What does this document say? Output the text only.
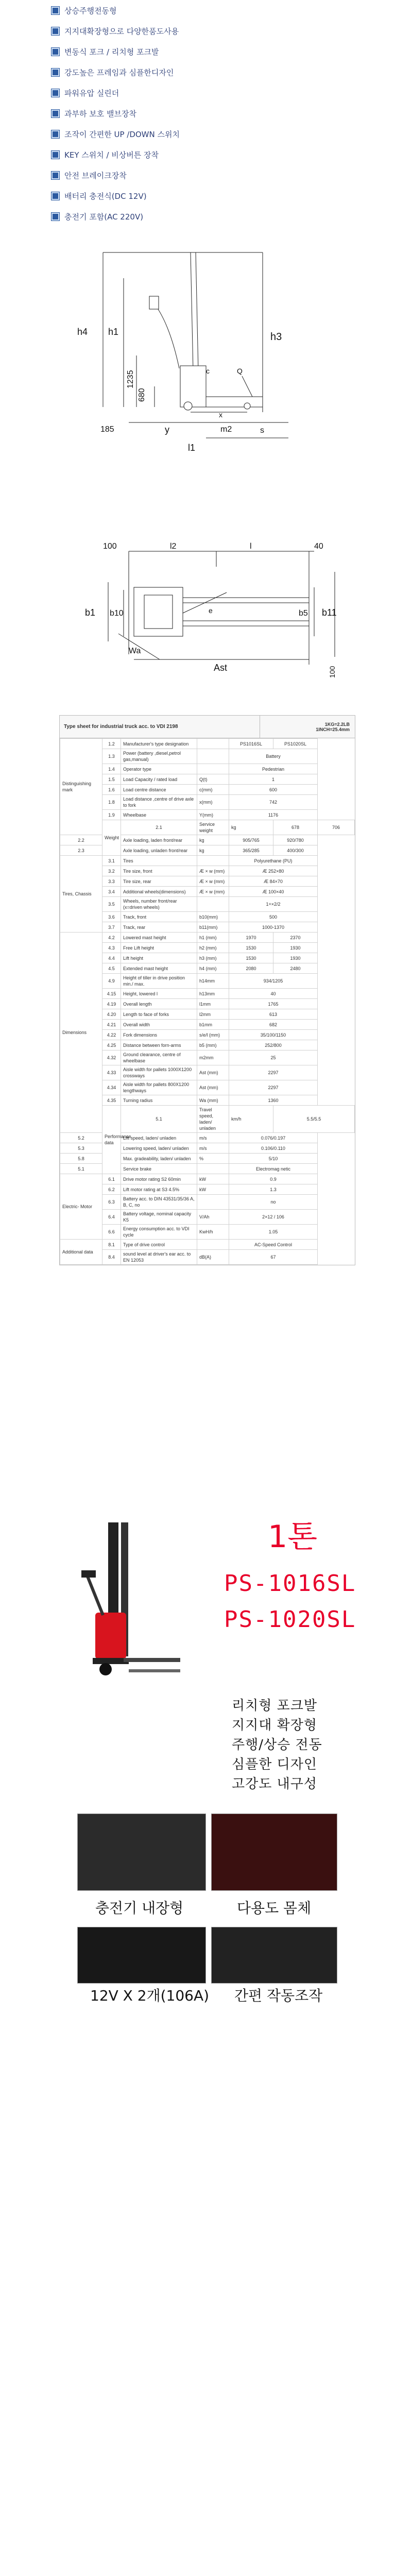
상승주행전동형
지지대확장형으로 다양한품도사용
변동식 포크 / 리치형 포크발
강도높은 프레임과 심플한디자인
파워유압 실린더
과부하 보호 밸브장착
조작이 간편한 UP /DOWN 스위치
KEY 스위치 / 비상버튼 장착
안전 브레이크장착
배터리 충전식(DC 12V)
충전기 포함(AC 220V)
h4 h1	h3
1235
680
c	Q
x
185	y	m2	s
l1
100	l2	l	40
b1 b10	b5 b11
e
Wa
Ast	100
Type sheet for industrial truck acc. to VDI 2198	1KG=2.2LB
1INCH=25.4mm
Distinguishing mark	1.2	Manufacturer's type designation		PS1016SL	PS1020SL	
	1.3	Power (battery ,diesel,petrol gas,manual)		Battery		
	1.4	Operator type		Pedestrian		
	1.5	Load Capacity / rated load	Q(t)	1		
	1.6	Load centre distance	c(mm)	600		
	1.8	Load distance ,centre of drive axle to fork	x(mm)	742		
	1.9	Wheelbase	Y(mm)	1176		
	Weight	2.1	Service weight	kg	678	706
2.2		Axle loading, laden front/rear	kg	905/765	920/780	
2.3		Axle loading, unladen front/rear	kg	365/285	400/300	
Tires, Chassis	3.1	Tires		Polyurethane (PU)		
	3.2	Tire size, front	Æ × w (mm)	Æ 252×80		
	3.3	Tire size, rear	Æ × w (mm)	Æ 84×70		
	3.4	Additional wheels(dimensions)	Æ × w (mm)	Æ 100×40		
	3.5	Wheels, number front/rear (x=driven wheels)		1+×2/2		
	3.6	Track, front	b10(mm)	500		
	3.7	Track, rear	b11(mm)	1000-1370		
Dimensions	4.2	Lowered mast height	h1 (mm)	1970	2370	
	4.3	Free Lift height	h2 (mm)	1530	1930	
	4.4	Lift height	h3 (mm)	1530	1930	
	4.5	Extended mast height	h4 (mm)	2080	2480	
	4.9	Height of tiller in drive position min./ max.	h14mm	934/1205		
	4.15	Height, lowered l	h13mm	40		
	4.19	Overall length	l1mm	1765		
	4.20	Length to face of forks	l2mm	613		
	4.21	Overall width	b1mm	682		
	4.22	Fork dimensions	s/e/l (mm)	35/100/1150		
	4.25	Distance between forn-arms	b5 (mm)	252/800		
	4.32	Ground clearance, centre of wheelbase	m2mm	25		
	4.33	Aisle width for pallets 1000X1200 crossways	Ast (mm)	2297		
	4.34	Aisle width for pallets 800X1200 lengthways	Ast (mm)	2297		
	4.35	Turning radius	Wa (mm)	1360		
	Performance data	5.1	Travel speed, laden/ unladen	km/h	5.5/5.5	
5.2		Lift speed, laden/ unladen	m/s	0.076/0.197		
5.3		Lowering speed, laden/ unladen	m/s	0.106/0.110		
5.8		Max. gradeability, laden/ unladen	%	5/10		
5.1		Service brake		Electromag netic		
Electric- Motor	6.1	Drive motor rating S2 60min	kW	0.9		
	6.2	Lift motor rating at S3 4.5%	kW	1.3		
	6.3	Battery acc. to DIN 43531/35/36 A, B, C, no		no		
	6.4	Battery voltage, nominal capacity K5	V/Ah	2×12 / 106		
	6.6	Energy consumption acc. to VDI cycle	KwH/h	1.05		
Additional data	8.1	Type of drive control		AC-Speed Control		
	8.4	sound level at driver's ear acc. to EN 12053	dB(A)	67		
1톤
PS-1016SL
PS-1020SL
리치형 포크발
지지대 확장형
주행/상승 전동
심플한 디자인
고강도 내구성
충전기 내장형	다용도 몸체
12V X 2개(106A) 간편 작동조작
